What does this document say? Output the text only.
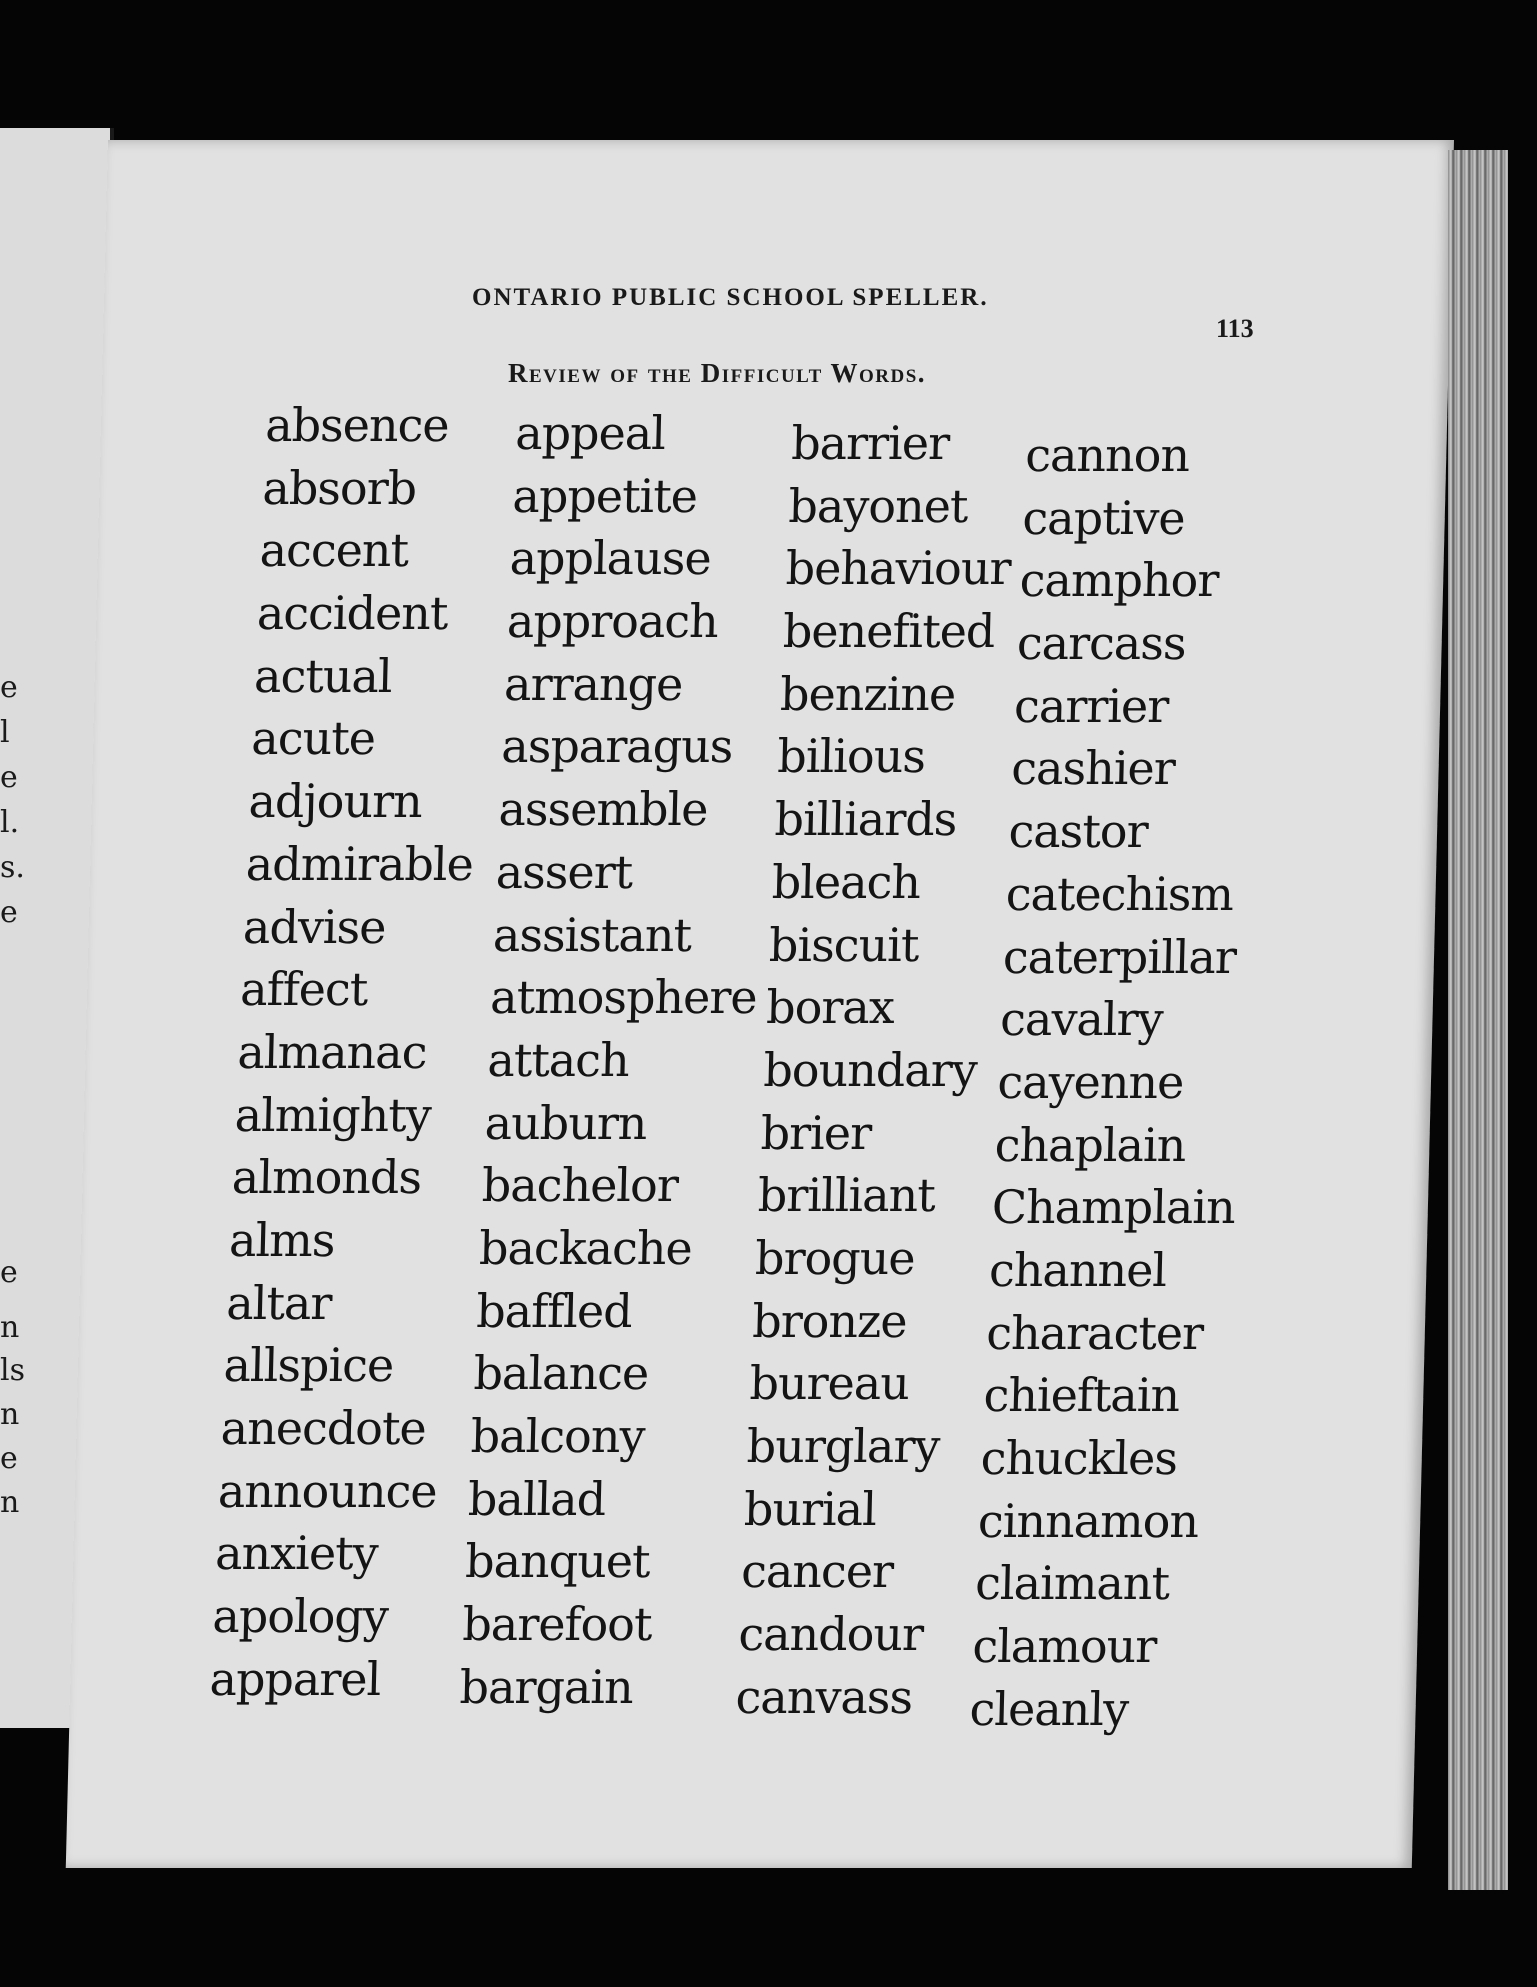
e
l
e
l.
s.
e
e
n
ls
n
e
n
ONTARIO PUBLIC SCHOOL SPELLER.
113
Review of the Difficult Words.
absence
absorb
accent
accident
actual
acute
adjourn
admirable
advise
affect
almanac
almighty
almonds
alms
altar
allspice
anecdote
announce
anxiety
apology
apparel
appeal
appetite
applause
approach
arrange
asparagus
assemble
assert
assistant
atmosphere
attach
auburn
bachelor
backache
baffled
balance
balcony
ballad
banquet
barefoot
bargain
barrier
bayonet
behaviour
benefited
benzine
bilious
billiards
bleach
biscuit
borax
boundary
brier
brilliant
brogue
bronze
bureau
burglary
burial
cancer
candour
canvass
cannon
captive
camphor
carcass
carrier
cashier
castor
catechism
caterpillar
cavalry
cayenne
chaplain
Champlain
channel
character
chieftain
chuckles
cinnamon
claimant
clamour
cleanly
